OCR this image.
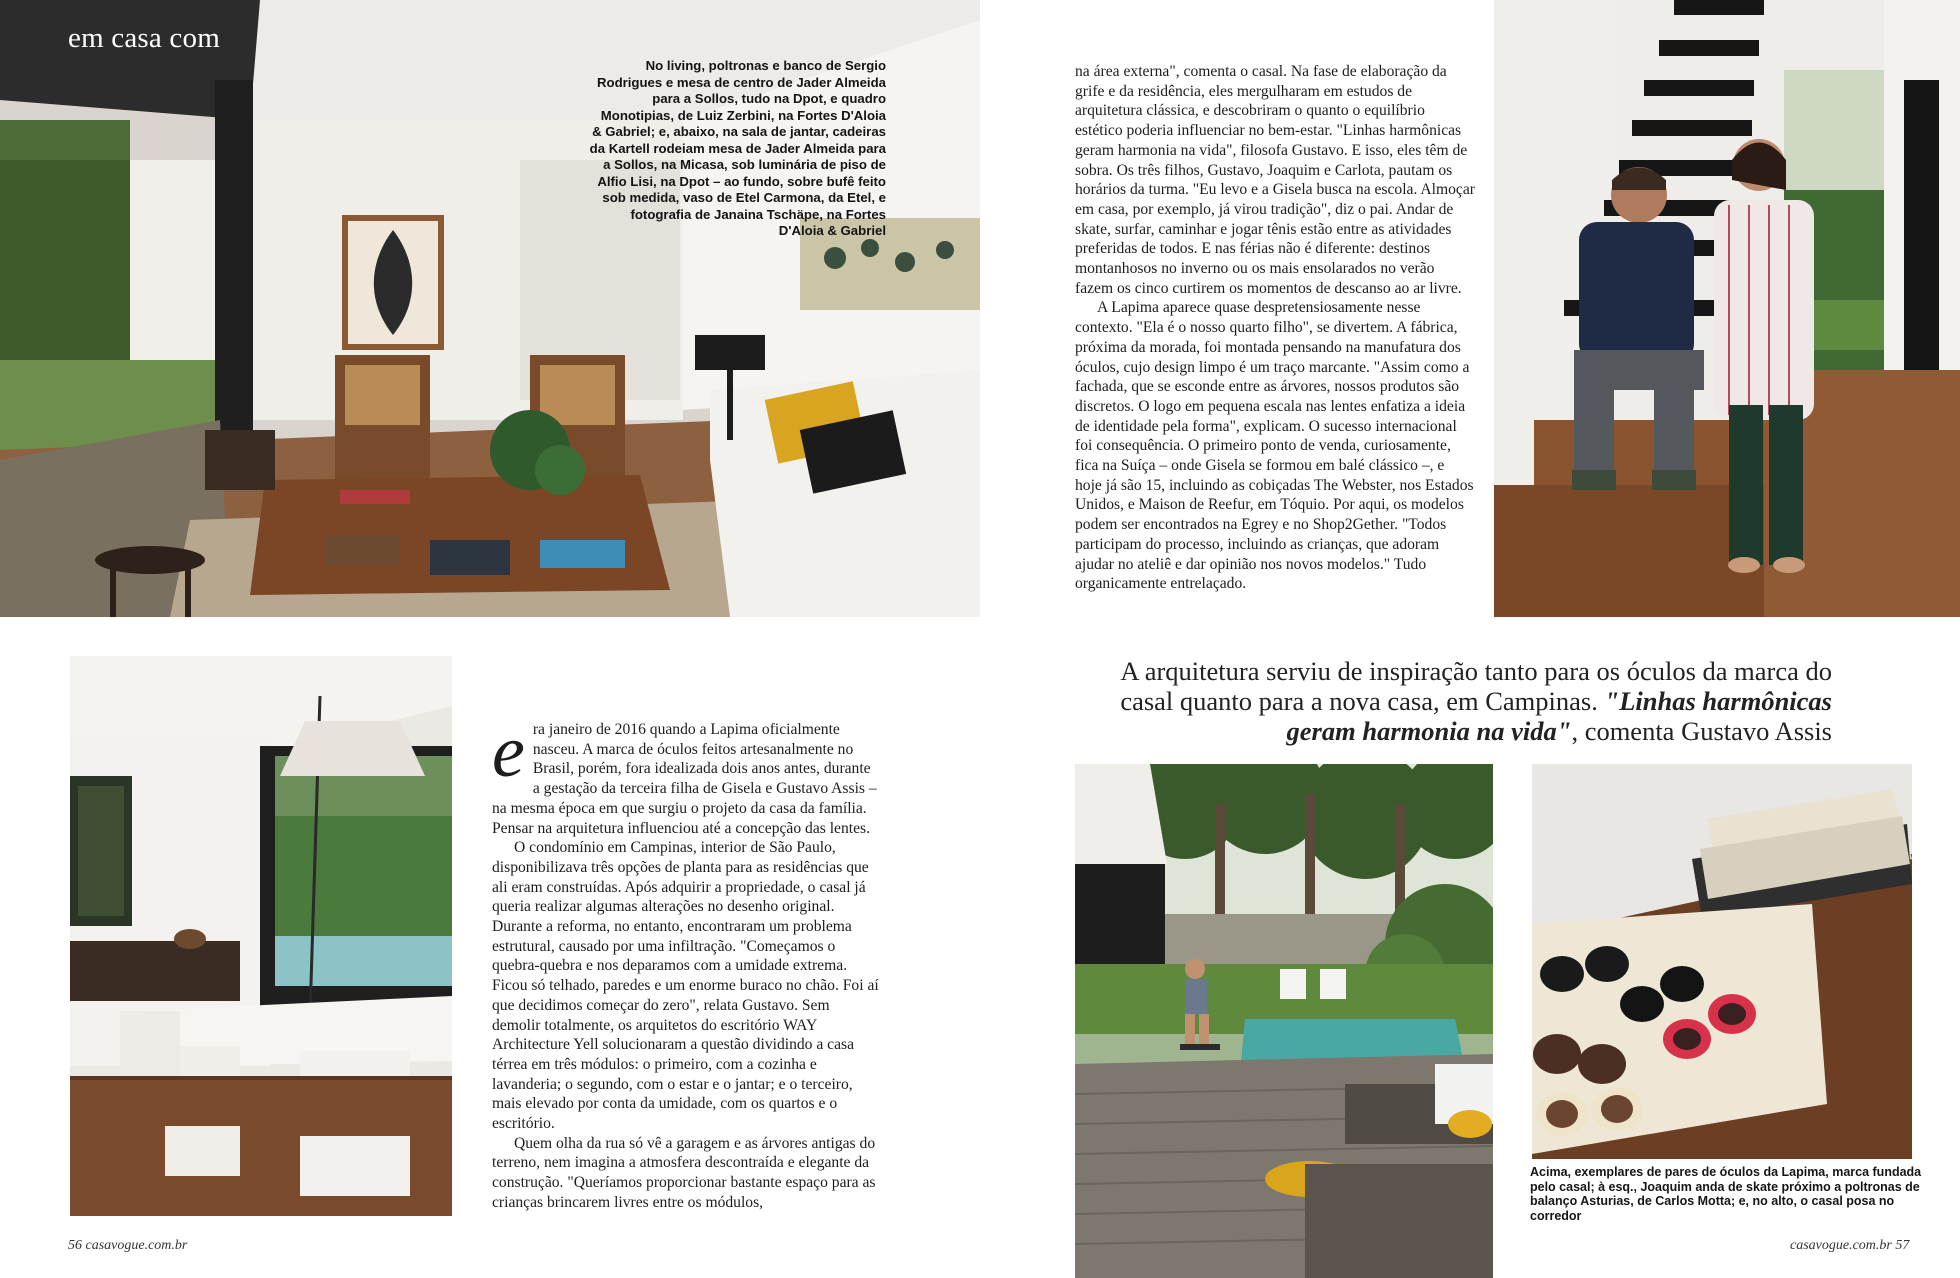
em casa com
No living, poltronas e banco de Sergio Rodrigues e mesa de centro de Jader Almeida para a Sollos, tudo na Dpot, e quadro Monotipias, de Luiz Zerbini, na Fortes D'Aloia & Gabriel; e, abaixo, na sala de jantar, cadeiras da Kartell rodeiam mesa de Jader Almeida para a Sollos, na Micasa, sob luminária de piso de Alfio Lisi, na Dpot – ao fundo, sobre bufê feito sob medida, vaso de Etel Carmona, da Etel, e fotografia de Janaina Tschäpe, na Fortes D'Aloia & Gabriel

na área externa", comenta o casal. Na fase de elaboração da grife e da residência, eles mergulharam em estudos de arquitetura clássica, e descobriram o quanto o equilíbrio estético poderia influenciar no bem-estar. "Linhas harmônicas geram harmonia na vida", filosofa Gustavo. E isso, eles têm de sobra. Os três filhos, Gustavo, Joaquim e Carlota, pautam os horários da turma. "Eu levo e a Gisela busca na escola. Almoçar em casa, por exemplo, já virou tradição", diz o pai. Andar de skate, surfar, caminhar e jogar tênis estão entre as atividades preferidas de todos. E nas férias não é diferente: destinos montanhosos no inverno ou os mais ensolarados no verão fazem os cinco curtirem os momentos de descanso ao ar livre.

A Lapima aparece quase despretensiosamente nesse contexto. "Ela é o nosso quarto filho", se divertem. A fábrica, próxima da morada, foi montada pensando na manufatura dos óculos, cujo design limpo é um traço marcante. "Assim como a fachada, que se esconde entre as árvores, nossos produtos são discretos. O logo em pequena escala nas lentes enfatiza a ideia de identidade pela forma", explicam. O sucesso internacional foi consequência. O primeiro ponto de venda, curiosamente, fica na Suíça – onde Gisela se formou em balé clássico –, e hoje já são 15, incluindo as cobiçadas The Webster, nos Estados Unidos, e Maison de Reefur, em Tóquio. Por aqui, os modelos podem ser encontrados na Egrey e no Shop2Gether. "Todos participam do processo, incluindo as crianças, que adoram ajudar no ateliê e dar opinião nos novos modelos." Tudo organicamente entrelaçado.

era janeiro de 2016 quando a Lapima oficialmente nasceu. A marca de óculos feitos artesanalmente no Brasil, porém, fora idealizada dois anos antes, durante a gestação da terceira filha de Gisela e Gustavo Assis – na mesma época em que surgiu o projeto da casa da família. Pensar na arquitetura influenciou até a concepção das lentes.

O condomínio em Campinas, interior de São Paulo, disponibilizava três opções de planta para as residências que ali eram construídas. Após adquirir a propriedade, o casal já queria realizar algumas alterações no desenho original. Durante a reforma, no entanto, encontraram um problema estrutural, causado por uma infiltração. "Começamos o quebra-quebra e nos deparamos com a umidade extrema. Ficou só telhado, paredes e um enorme buraco no chão. Foi aí que decidimos começar do zero", relata Gustavo. Sem demolir totalmente, os arquitetos do escritório WAY Architecture Yell solucionaram a questão dividindo a casa térrea em três módulos: o primeiro, com a cozinha e lavanderia; o segundo, com o estar e o jantar; e o terceiro, mais elevado por conta da umidade, com os quartos e o escritório.

Quem olha da rua só vê a garagem e as árvores antigas do terreno, nem imagina a atmosfera descontraída e elegante da construção. "Queríamos proporcionar bastante espaço para as crianças brincarem livres entre os módulos,

A arquitetura serviu de inspiração tanto para os óculos da marca do casal quanto para a nova casa, em Campinas. "Linhas harmônicas geram harmonia na vida", comenta Gustavo Assis
Acima, exemplares de pares de óculos da Lapima, marca fundada pelo casal; à esq., Joaquim anda de skate próximo a poltronas de balanço Asturias, de Carlos Motta; e, no alto, o casal posa no corredor
56 casavogue.com.br	casavogue.com.br 57
